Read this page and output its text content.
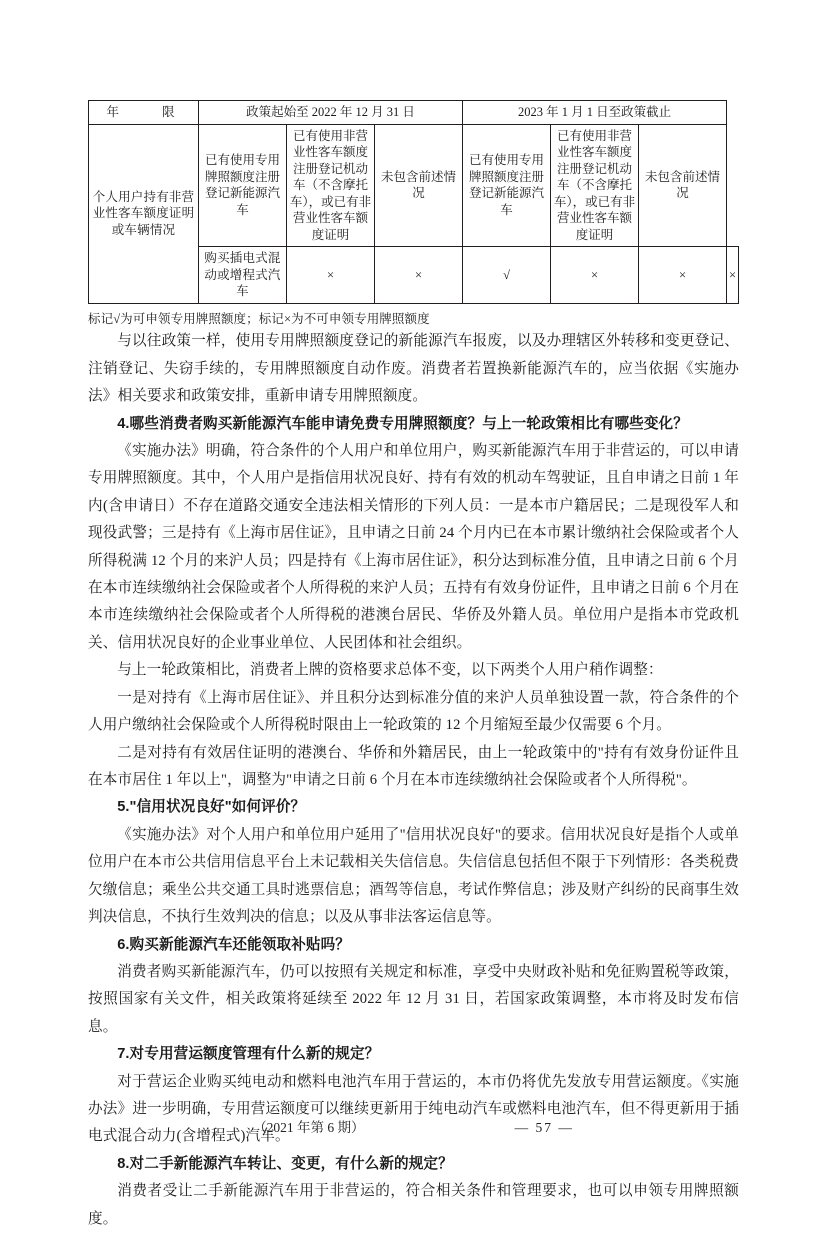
年　　限	政策起始至 2022 年 12 月 31 日			2023 年 1 月 1 日至政策截止			
个人用户持有非营业性客车额度证明或车辆情况	已有使用专用牌照额度注册登记新能源汽车	已有使用非营业性客车额度注册登记机动车（不含摩托车），或已有非营业性客车额度证明	未包含前述情况	已有使用专用牌照额度注册登记新能源汽车	已有使用非营业性客车额度注册登记机动车（不含摩托车），或已有非营业性客车额度证明	未包含前述情况	
	购买插电式混动或增程式汽车	×	×	√	×	×	×

标记√为可申领专用牌照额度；标记×为不可申领专用牌照额度

与以往政策一样，使用专用牌照额度登记的新能源汽车报废，以及办理辖区外转移和变更登记、注销登记、失窃手续的，专用牌照额度自动作废。消费者若置换新能源汽车的，应当依据《实施办法》相关要求和政策安排，重新申请专用牌照额度。

4.哪些消费者购买新能源汽车能申请免费专用牌照额度？与上一轮政策相比有哪些变化？

《实施办法》明确，符合条件的个人用户和单位用户，购买新能源汽车用于非营运的，可以申请专用牌照额度。其中，个人用户是指信用状况良好、持有有效的机动车驾驶证，且自申请之日前 1 年内(含申请日）不存在道路交通安全违法相关情形的下列人员：一是本市户籍居民；二是现役军人和现役武警；三是持有《上海市居住证》，且申请之日前 24 个月内已在本市累计缴纳社会保险或者个人所得税满 12 个月的来沪人员；四是持有《上海市居住证》，积分达到标准分值，且申请之日前 6 个月在本市连续缴纳社会保险或者个人所得税的来沪人员；五持有有效身份证件，且申请之日前 6 个月在本市连续缴纳社会保险或者个人所得税的港澳台居民、华侨及外籍人员。单位用户是指本市党政机关、信用状况良好的企业事业单位、人民团体和社会组织。

与上一轮政策相比，消费者上牌的资格要求总体不变，以下两类个人用户稍作调整：

一是对持有《上海市居住证》、并且积分达到标准分值的来沪人员单独设置一款，符合条件的个人用户缴纳社会保险或个人所得税时限由上一轮政策的 12 个月缩短至最少仅需要 6 个月。

二是对持有有效居住证明的港澳台、华侨和外籍居民，由上一轮政策中的"持有有效身份证件且在本市居住 1 年以上"，调整为"申请之日前 6 个月在本市连续缴纳社会保险或者个人所得税"。

5."信用状况良好"如何评价？

《实施办法》对个人用户和单位用户延用了"信用状况良好"的要求。信用状况良好是指个人或单位用户在本市公共信用信息平台上未记载相关失信信息。失信信息包括但不限于下列情形：各类税费欠缴信息；乘坐公共交通工具时逃票信息；酒驾等信息，考试作弊信息；涉及财产纠纷的民商事生效判决信息，不执行生效判决的信息；以及从事非法客运信息等。

6.购买新能源汽车还能领取补贴吗？

消费者购买新能源汽车，仍可以按照有关规定和标准，享受中央财政补贴和免征购置税等政策，按照国家有关文件，相关政策将延续至 2022 年 12 月 31 日，若国家政策调整，本市将及时发布信息。

7.对专用营运额度管理有什么新的规定？

对于营运企业购买纯电动和燃料电池汽车用于营运的，本市仍将优先发放专用营运额度。《实施办法》进一步明确，专用营运额度可以继续更新用于纯电动汽车或燃料电池汽车，但不得更新用于插电式混合动力(含增程式)汽车。

8.对二手新能源汽车转让、变更，有什么新的规定？

消费者受让二手新能源汽车用于非营运的，符合相关条件和管理要求，也可以申领专用牌照额度。

（2021 年第 6 期）	— 57 —
